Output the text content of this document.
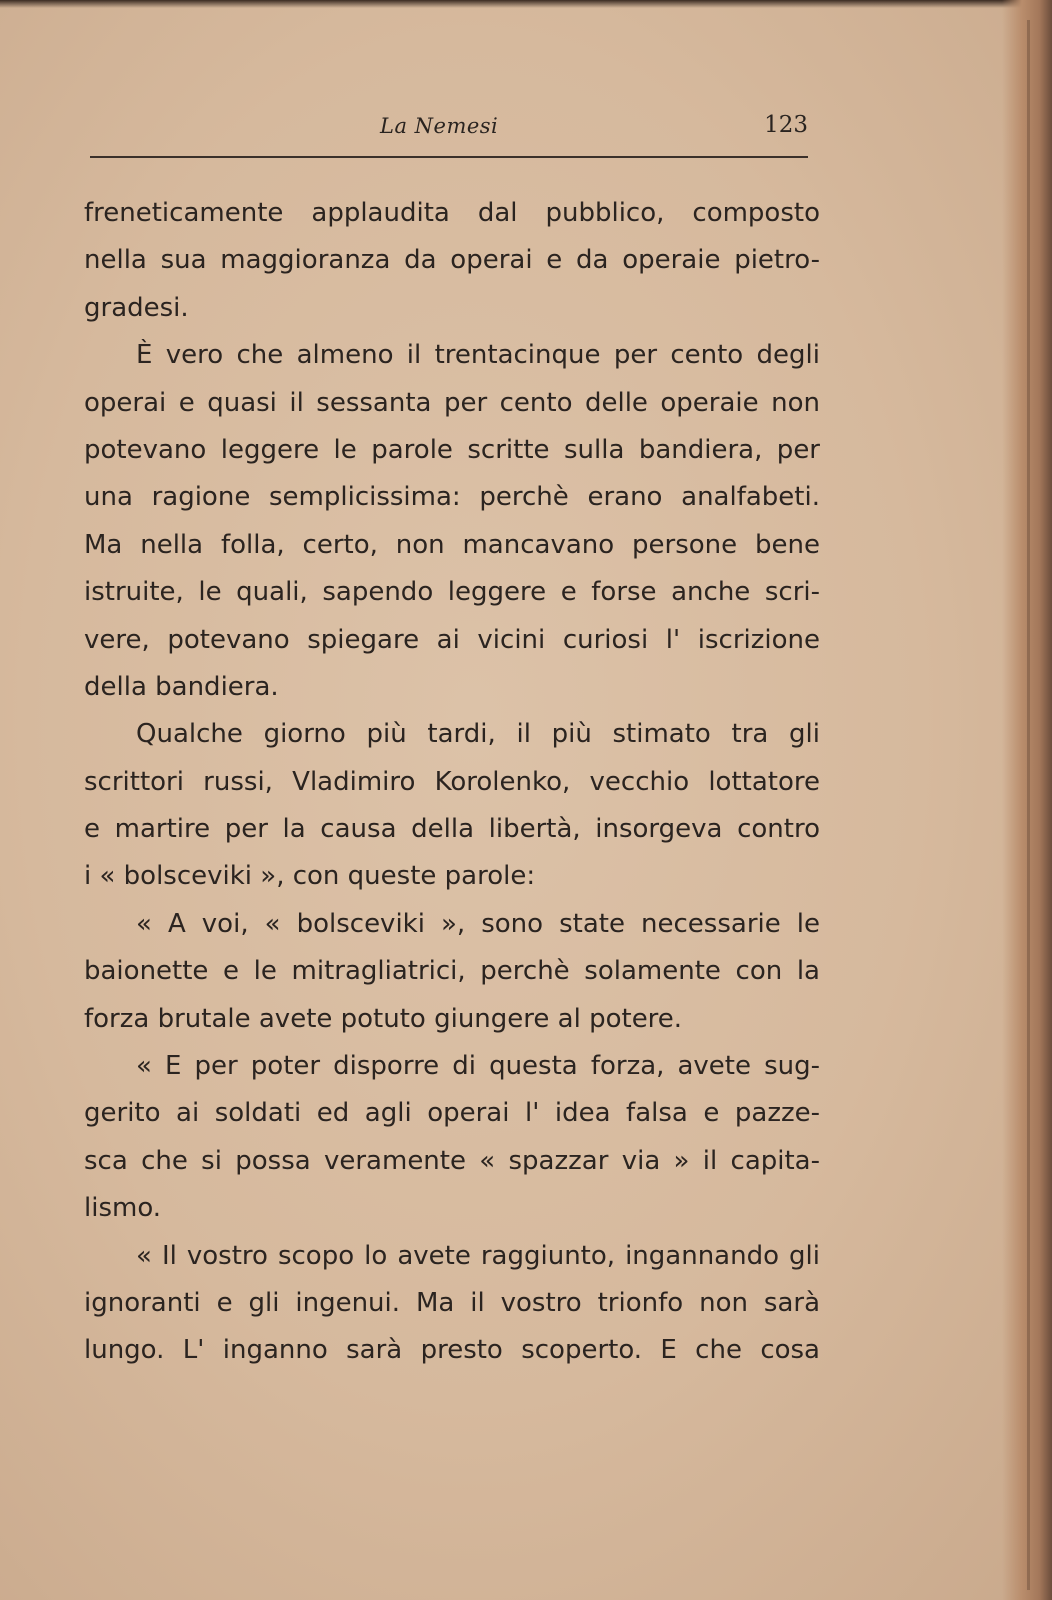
La Nemesi	123
freneticamente applaudita dal pubblico, composto
nella sua maggioranza da operai e da operaie pietro-
gradesi.
È vero che almeno il trentacinque per cento degli
operai e quasi il sessanta per cento delle operaie non
potevano leggere le parole scritte sulla bandiera, per
una ragione semplicissima: perchè erano analfabeti.
Ma nella folla, certo, non mancavano persone bene
istruite, le quali, sapendo leggere e forse anche scri-
vere, potevano spiegare ai vicini curiosi l' iscrizione
della bandiera.
Qualche giorno più tardi, il più stimato tra gli
scrittori russi, Vladimiro Korolenko, vecchio lottatore
e martire per la causa della libertà, insorgeva contro
i « bolsceviki », con queste parole:
« A voi, « bolsceviki », sono state necessarie le
baionette e le mitragliatrici, perchè solamente con la
forza brutale avete potuto giungere al potere.
« E per poter disporre di questa forza, avete sug-
gerito ai soldati ed agli operai l' idea falsa e pazze-
sca che si possa veramente « spazzar via » il capita-
lismo.
« Il vostro scopo lo avete raggiunto, ingannando gli
ignoranti e gli ingenui. Ma il vostro trionfo non sarà
lungo. L' inganno sarà presto scoperto. E che cosa
